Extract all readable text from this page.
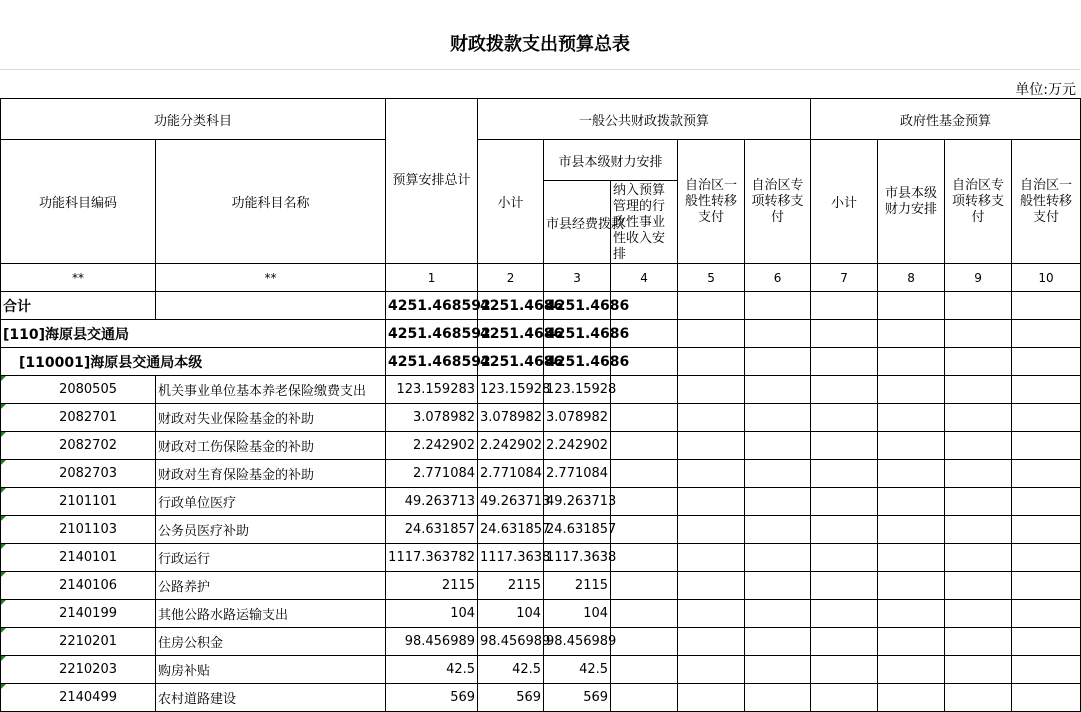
财政拨款支出预算总表
单位:万元
功能分类科目		预算安排总计	一般公共财政拨款预算					政府性基金预算			
功能科目编码	功能科目名称		小计	市县本级财力安排		自治区一般性转移支付	自治区专项转移支付	小计	市县本级财力安排	自治区专项转移支付	自治区一般性转移支付
				市县经费拨款	纳入预算管理的行政性事业性收入安排						
**	**	1	2	3	4	5	6	7	8	9	10
合计		4251.468592	4251.4686	4251.4686							
[110]海原县交通局		4251.468592	4251.4686	4251.4686							
[110001]海原县交通局本级		4251.468592	4251.4686	4251.4686							
2080505	机关事业单位基本养老保险缴费支出	123.159283	123.15928	123.15928							
2082701	财政对失业保险基金的补助	3.078982	3.078982	3.078982							
2082702	财政对工伤保险基金的补助	2.242902	2.242902	2.242902							
2082703	财政对生育保险基金的补助	2.771084	2.771084	2.771084							
2101101	行政单位医疗	49.263713	49.263713	49.263713							
2101103	公务员医疗补助	24.631857	24.631857	24.631857							
2140101	行政运行	1117.363782	1117.3638	1117.3638							
2140106	公路养护	2115	2115	2115							
2140199	其他公路水路运输支出	104	104	104							
2210201	住房公积金	98.456989	98.456989	98.456989							
2210203	购房补贴	42.5	42.5	42.5							
2140499	农村道路建设	569	569	569							
